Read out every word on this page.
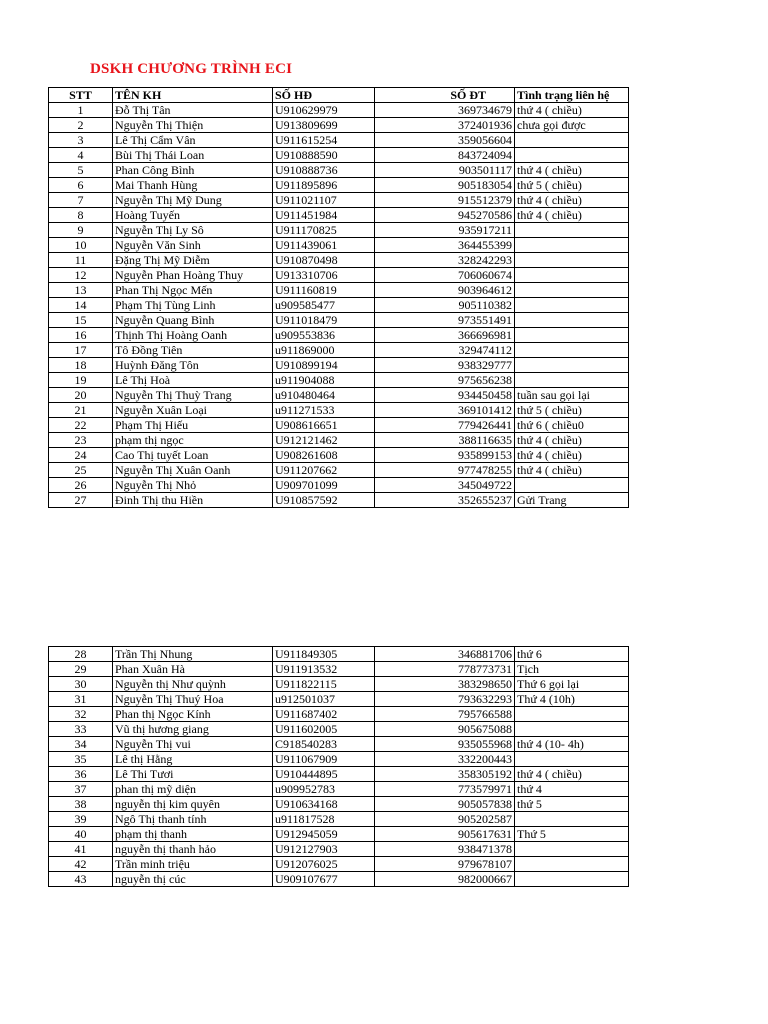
DSKH CHƯƠNG TRÌNH ECI
STT	TÊN KH	SỐ HĐ	SỐ ĐT	Tình trạng liên hệ
1	Đỗ Thị Tân	U910629979	369734679	thứ 4 ( chiều)
2	Nguyễn Thị Thiện	U913809699	372401936	chưa gọi được
3	Lê Thị Cẩm Vân	U911615254	359056604	
4	Bùi Thị Thái Loan	U910888590	843724094	
5	Phan Công Bình	U910888736	903501117	thứ 4 ( chiều)
6	Mai Thanh Hùng	U911895896	905183054	thứ 5 ( chiều)
7	Nguyễn Thị Mỹ Dung	U911021107	915512379	thứ 4 ( chiều)
8	Hoàng Tuyến	U911451984	945270586	thứ 4 ( chiều)
9	Nguyễn Thị Ly Sô	U911170825	935917211	
10	Nguyễn Văn Sinh	U911439061	364455399	
11	Đặng Thị Mỹ Diễm	U910870498	328242293	
12	Nguyễn Phan Hoàng Thuy	U913310706	706060674	
13	Phan Thị Ngọc Mến	U911160819	903964612	
14	Phạm Thị Tùng Linh	u909585477	905110382	
15	Nguyễn Quang Bình	U911018479	973551491	
16	Thịnh Thị Hoàng Oanh	u909553836	366696981	
17	Tô Đồng Tiên	u911869000	329474112	
18	Huỳnh Đăng Tôn	U910899194	938329777	
19	Lê Thị Hoà	u911904088	975656238	
20	Nguyễn Thị Thuỳ Trang	u910480464	934450458	tuần sau gọi lại
21	Nguyễn Xuân Loại	u911271533	369101412	thứ 5 ( chiều)
22	Phạm Thị Hiếu	U908616651	779426441	thứ 6 ( chiều0
23	phạm thị ngọc	U912121462	388116635	thứ 4 ( chiều)
24	Cao Thị tuyết Loan	U908261608	935899153	thứ 4 ( chiều)
25	Nguyễn Thị Xuân Oanh	U911207662	977478255	thứ 4 ( chiều)
26	Nguyễn Thị Nhỏ	U909701099	345049722	
27	Đinh Thị thu Hiền	U910857592	352655237	Gửi Trang
28	Trần Thị Nhung	U911849305	346881706	thứ 6
29	Phan Xuân Hà	U911913532	778773731	Tịch
30	Nguyễn thị Như quỳnh	U911822115	383298650	Thứ 6 gọi lại
31	Nguyễn Thị Thuý Hoa	u912501037	793632293	Thứ 4 (10h)
32	Phan thị Ngọc Kính	U911687402	795766588	
33	Vũ thị hương giang	U911602005	905675088	
34	Nguyễn Thị vui	C918540283	935055968	thứ 4 (10- 4h)
35	Lê thị Hằng	U911067909	332200443	
36	Lê Thi Tươi	U910444895	358305192	thứ 4 ( chiều)
37	phan thị mỹ diện	u909952783	773579971	thứ 4
38	nguyễn thị kim quyên	U910634168	905057838	thứ 5
39	Ngô Thị thanh tính	u911817528	905202587	
40	phạm thị thanh	U912945059	905617631	Thứ 5
41	nguyễn thị thanh hảo	U912127903	938471378	
42	Trần minh triệu	U912076025	979678107	
43	nguyễn thị cúc	U909107677	982000667	
